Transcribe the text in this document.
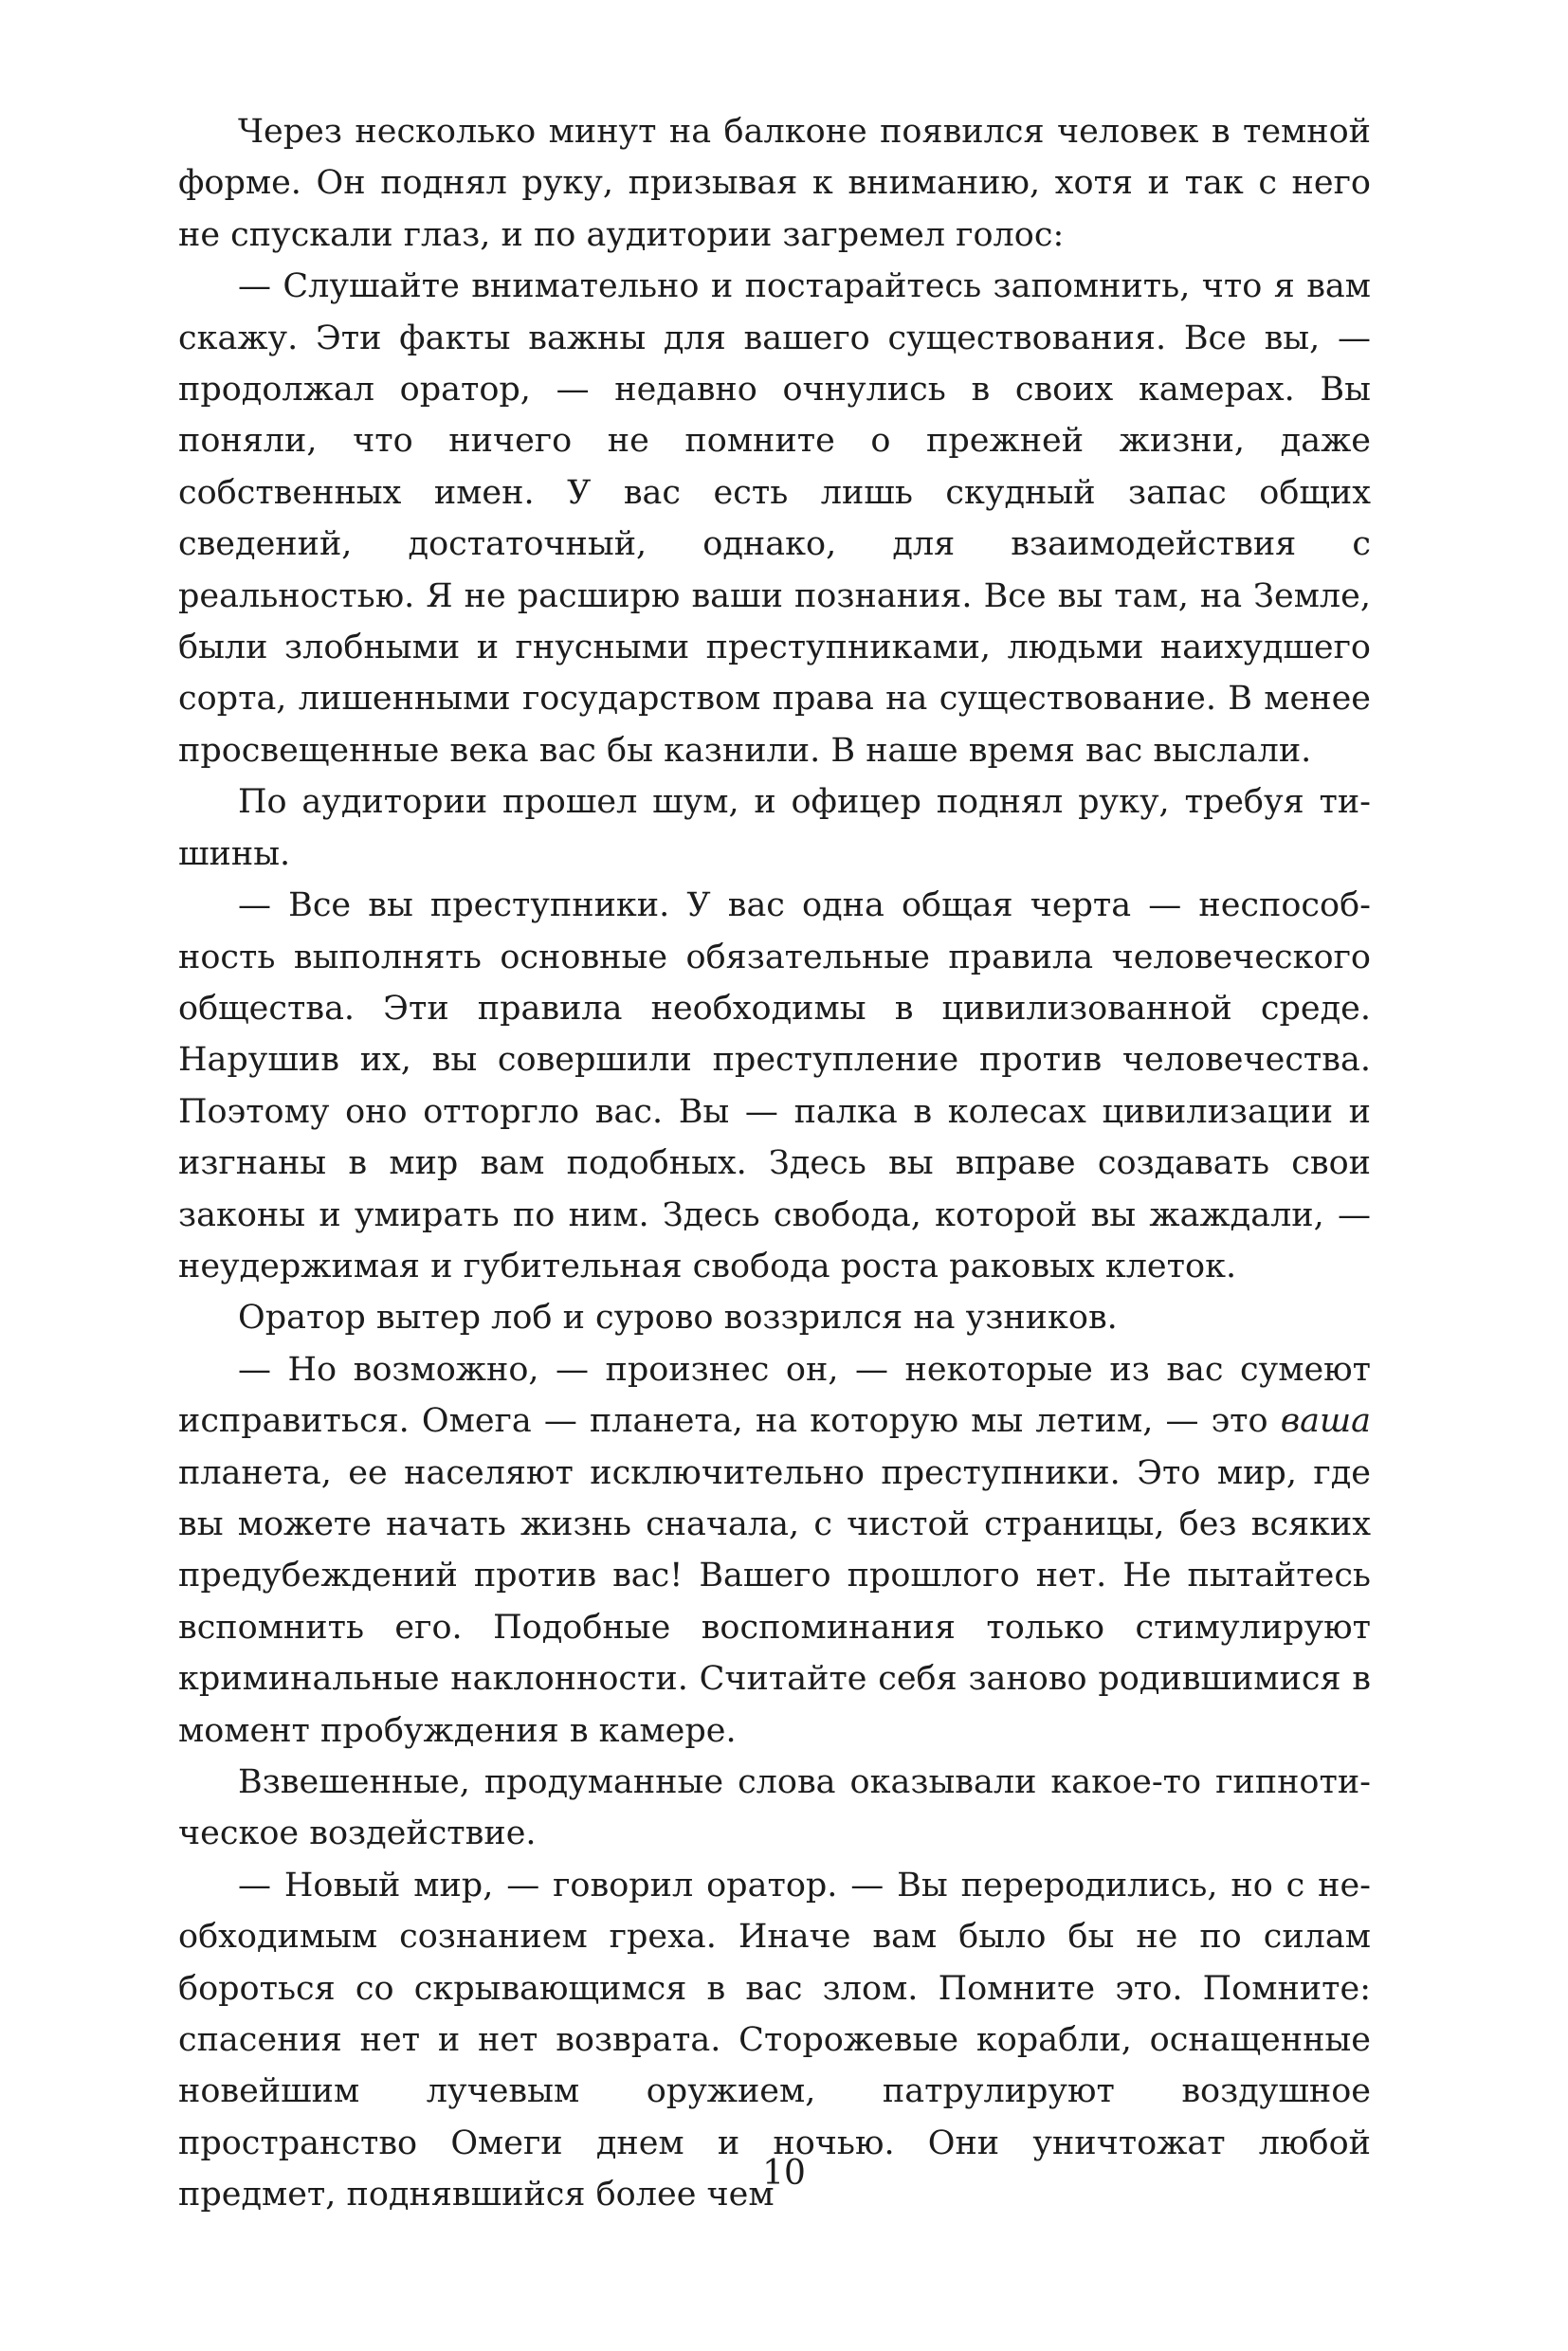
Через несколько минут на балконе появился человек в темной форме. Он поднял руку, призывая к вниманию, хотя и так с него не спускали глаз, и по аудитории загремел голос:

— Слушайте внимательно и постарайтесь запомнить, что я вам скажу. Эти факты важны для вашего существования. Все вы, — продолжал оратор, — недавно очнулись в своих камерах. Вы поняли, что ничего не помните о прежней жизни, даже собственных имен. У вас есть лишь скудный запас общих сведений, достаточный, однако, для взаимодействия с реальностью. Я не расширю ваши познания. Все вы там, на Земле, были злобными и гнусными преступниками, людьми наихудшего сорта, лишенными государством права на существование. В менее просвещенные века вас бы казнили. В наше время вас выслали.

По аудитории прошел шум, и офицер поднял руку, требуя тишины.

— Все вы преступники. У вас одна общая черта — неспособность выполнять основные обязательные правила человеческого общества. Эти правила необходимы в цивилизованной среде. Нарушив их, вы совершили преступление против человечества. Поэтому оно отторгло вас. Вы — палка в колесах цивилизации и изгнаны в мир вам подобных. Здесь вы вправе создавать свои законы и умирать по ним. Здесь свобода, которой вы жаждали, — неудержимая и губительная свобода роста раковых клеток.

Оратор вытер лоб и сурово воззрился на узников.

— Но возможно, — произнес он, — некоторые из вас сумеют исправиться. Омега — планета, на которую мы летим, — это ваша планета, ее населяют исключительно преступники. Это мир, где вы можете начать жизнь сначала, с чистой страницы, без всяких предубеждений против вас! Вашего прошлого нет. Не пытайтесь вспомнить его. Подобные воспоминания только стимулируют криминальные наклонности. Считайте себя заново родившимися в момент пробуждения в камере.

Взвешенные, продуманные слова оказывали какое-то гипнотическое воздействие.

— Новый мир, — говорил оратор. — Вы переродились, но с необходимым сознанием греха. Иначе вам было бы не по силам бороться со скрывающимся в вас злом. Помните это. Помните: спасения нет и нет возврата. Сторожевые корабли, оснащенные новейшим лучевым оружием, патрулируют воздушное пространство Омеги днем и ночью. Они уничтожат любой предмет, поднявшийся более чем

10
